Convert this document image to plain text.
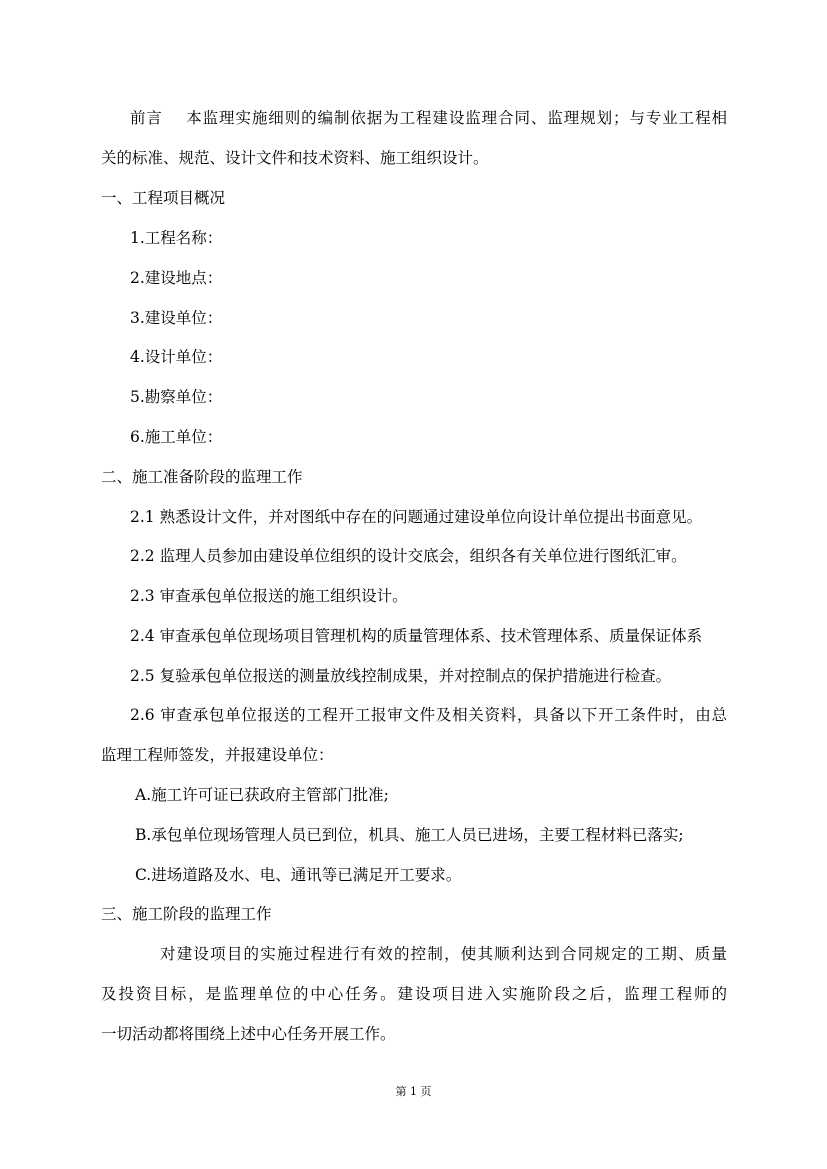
前言 本监理实施细则的编制依据为工程建设监理合同、监理规划；与专业工程相
关的标准、规范、设计文件和技术资料、施工组织设计。
一、工程项目概况
1.工程名称：
2.建设地点：
3.建设单位：
4.设计单位：
5.勘察单位：
6.施工单位：
二、施工准备阶段的监理工作
2.1 熟悉设计文件，并对图纸中存在的问题通过建设单位向设计单位提出书面意见。
2.2 监理人员参加由建设单位组织的设计交底会，组织各有关单位进行图纸汇审。
2.3 审查承包单位报送的施工组织设计。
2.4 审查承包单位现场项目管理机构的质量管理体系、技术管理体系、质量保证体系
2.5 复验承包单位报送的测量放线控制成果，并对控制点的保护措施进行检查。
2.6 审查承包单位报送的工程开工报审文件及相关资料，具备以下开工条件时，由总
监理工程师签发，并报建设单位：
A.施工许可证已获政府主管部门批准;
B.承包单位现场管理人员已到位，机具、施工人员已进场，主要工程材料已落实;
C.进场道路及水、电、通讯等已满足开工要求。
三、施工阶段的监理工作
对建设项目的实施过程进行有效的控制，使其顺利达到合同规定的工期、质量
及投资目标，是监理单位的中心任务。建设项目进入实施阶段之后，监理工程师的
一切活动都将围绕上述中心任务开展工作。
第 1 页
